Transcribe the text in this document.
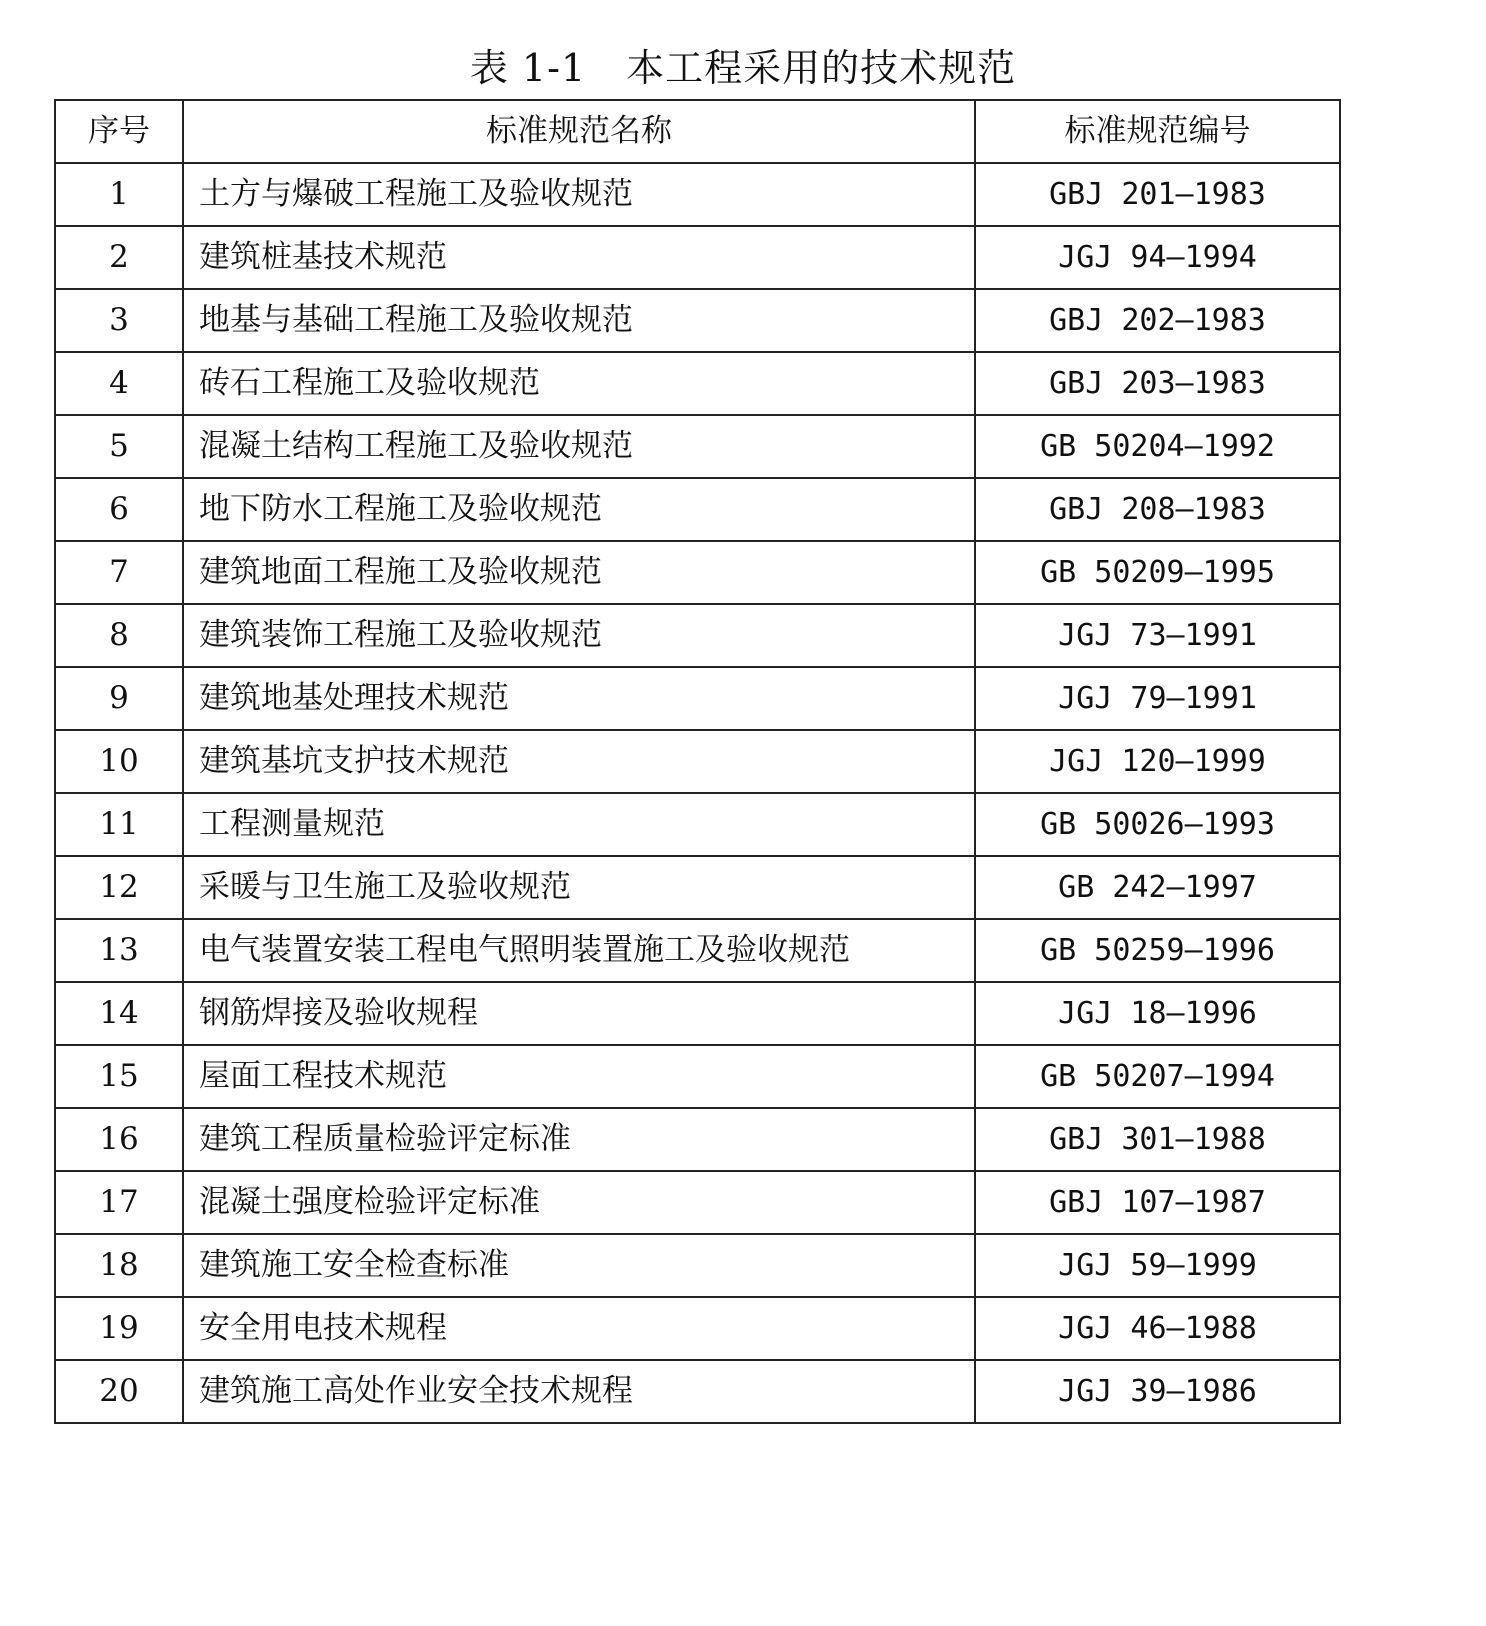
表 1-1 本工程采用的技术规范
序号	标准规范名称	标准规范编号
1	土方与爆破工程施工及验收规范	GBJ 201—1983
2	建筑桩基技术规范	JGJ 94—1994
3	地基与基础工程施工及验收规范	GBJ 202—1983
4	砖石工程施工及验收规范	GBJ 203—1983
5	混凝土结构工程施工及验收规范	GB 50204—1992
6	地下防水工程施工及验收规范	GBJ 208—1983
7	建筑地面工程施工及验收规范	GB 50209—1995
8	建筑装饰工程施工及验收规范	JGJ 73—1991
9	建筑地基处理技术规范	JGJ 79—1991
10	建筑基坑支护技术规范	JGJ 120—1999
11	工程测量规范	GB 50026—1993
12	采暖与卫生施工及验收规范	GB 242—1997
13	电气装置安装工程电气照明装置施工及验收规范	GB 50259—1996
14	钢筋焊接及验收规程	JGJ 18—1996
15	屋面工程技术规范	GB 50207—1994
16	建筑工程质量检验评定标准	GBJ 301—1988
17	混凝土强度检验评定标准	GBJ 107—1987
18	建筑施工安全检查标准	JGJ 59—1999
19	安全用电技术规程	JGJ 46—1988
20	建筑施工高处作业安全技术规程	JGJ 39—1986
